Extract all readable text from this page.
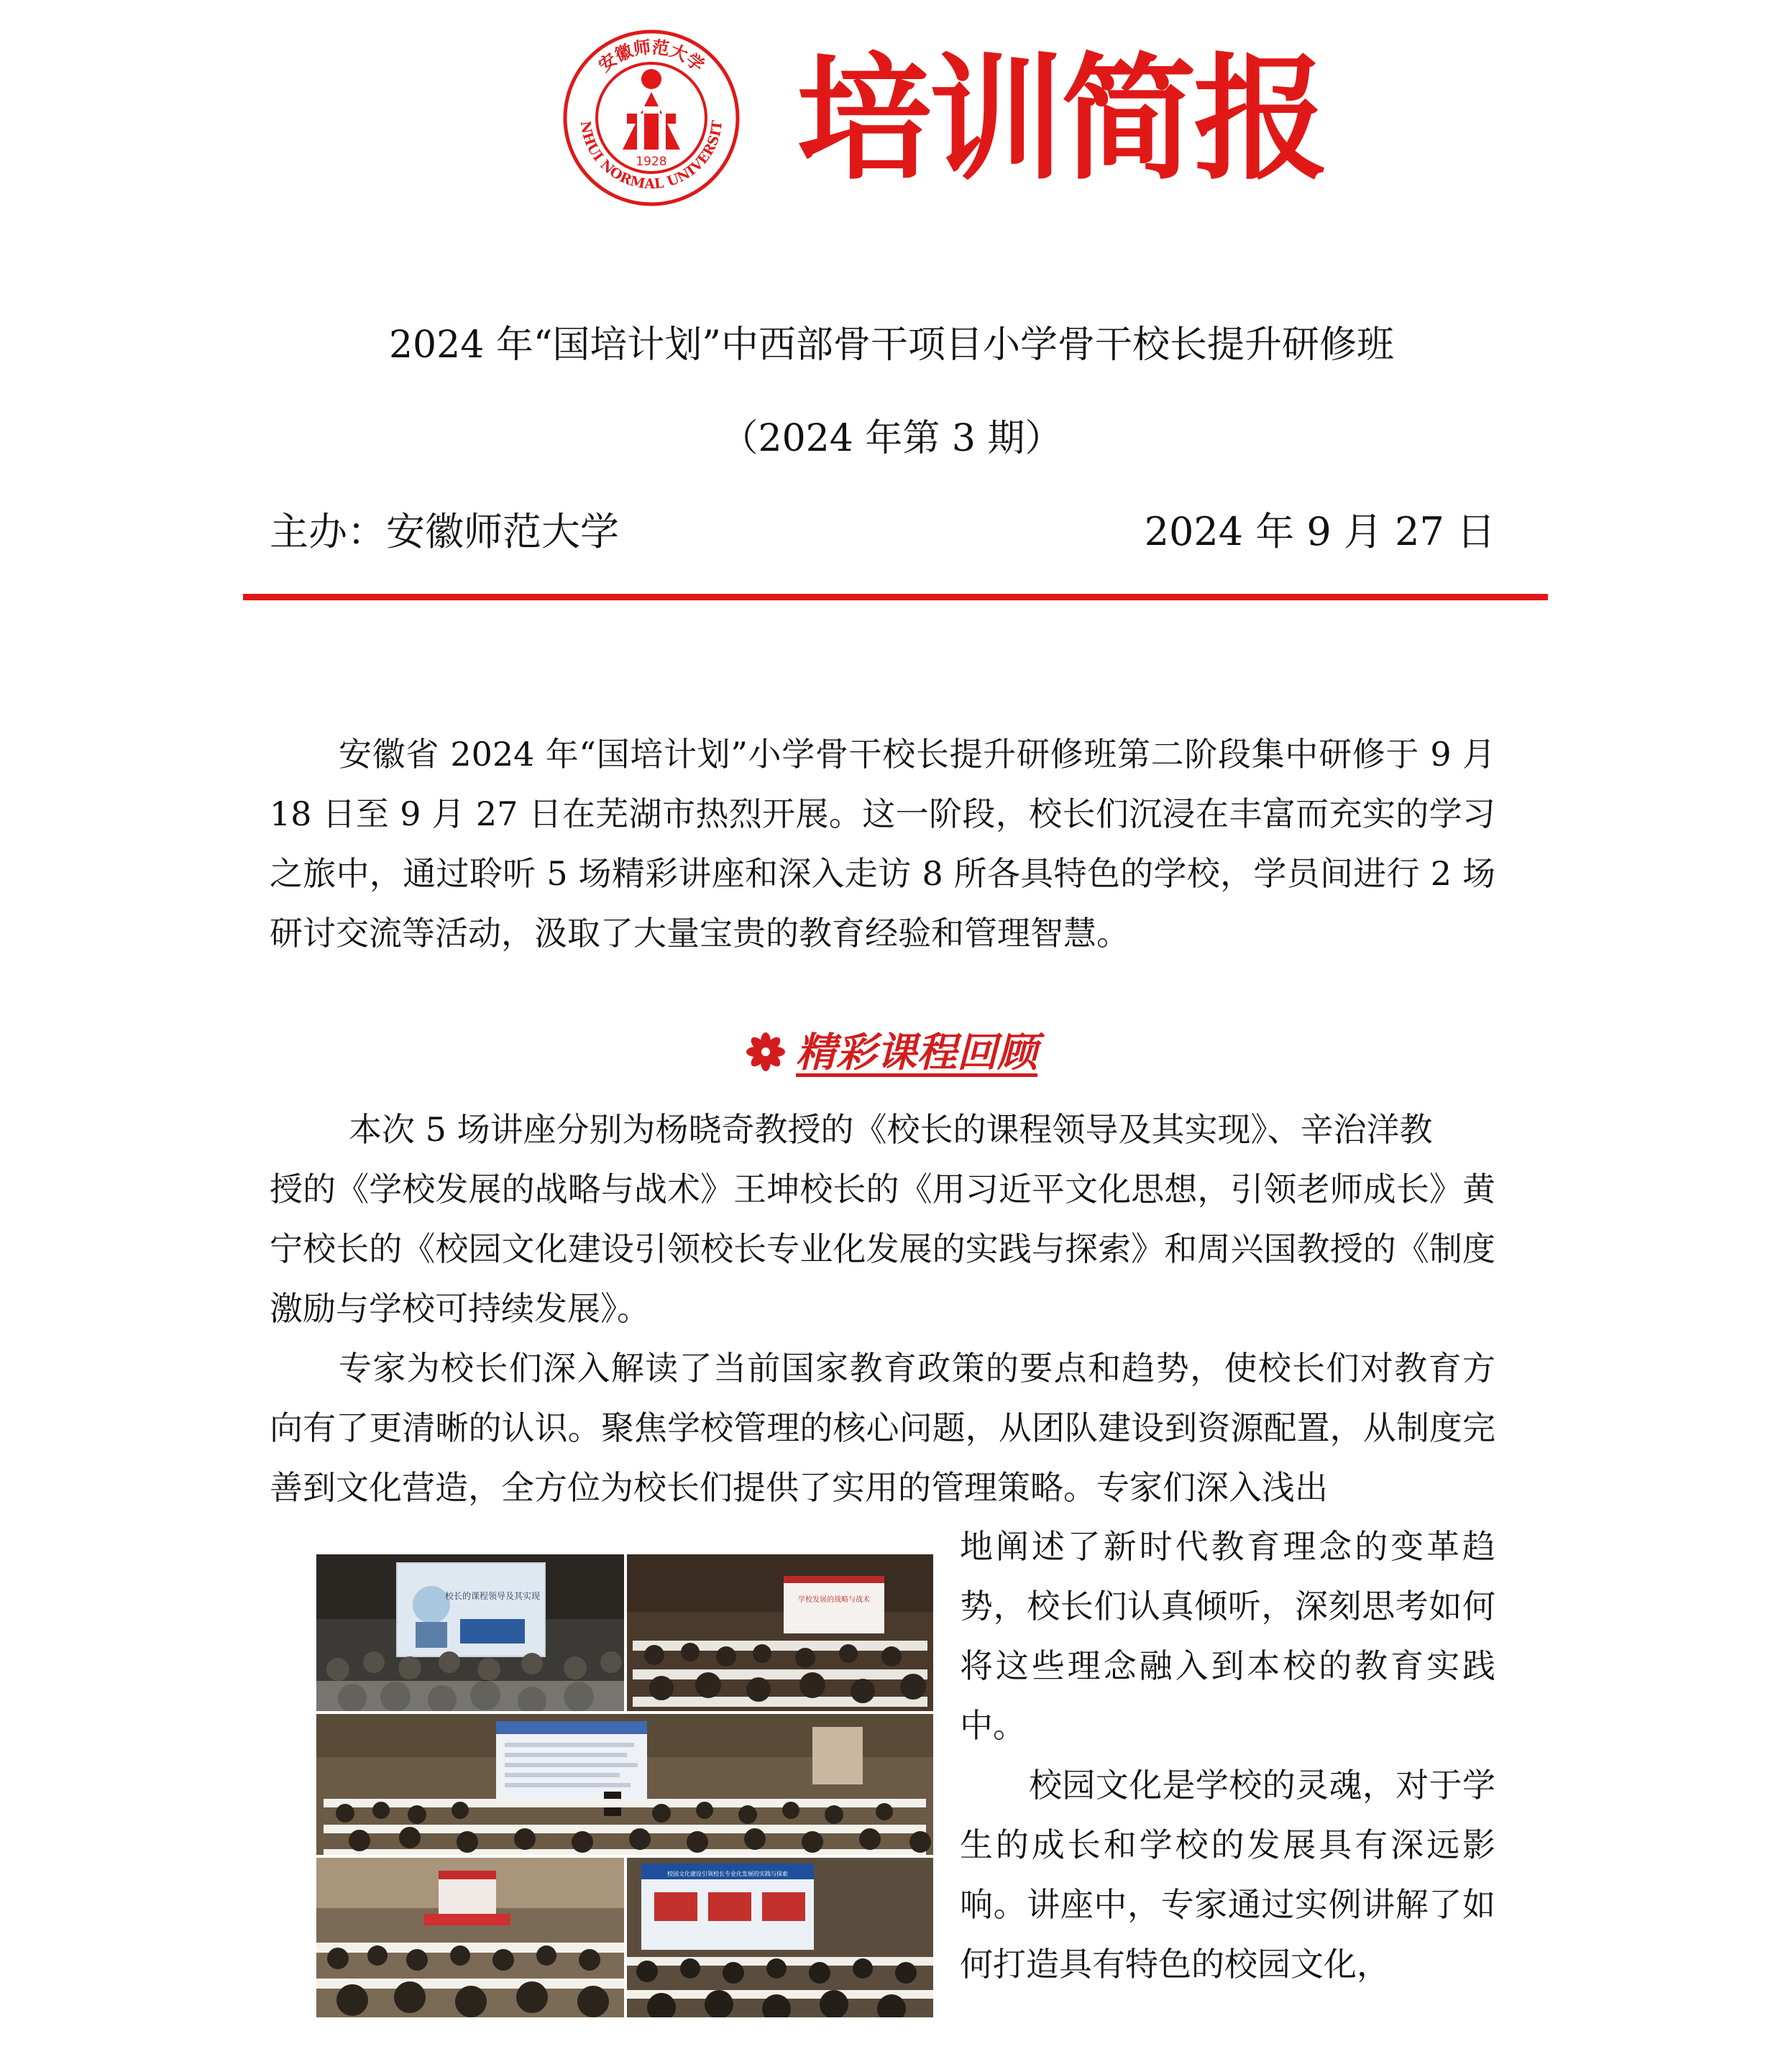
安徽师范大学
NHUI NORMAL UNIVERSIT
1928 培训简报
2024 年“国培计划”中西部骨干项目小学骨干校长提升研修班
（2024 年第 3 期）
主办：安徽师范大学	2024 年 9 月 27 日
安徽省 2024 年“国培计划”小学骨干校长提升研修班第二阶段集中研修于 9 月 18 日至 9 月 27 日在芜湖市热烈开展。这一阶段，校长们沉浸在丰富而充实的学习之旅中，通过聆听 5 场精彩讲座和深入走访 8 所各具特色的学校，学员间进行 2 场研讨交流等活动，汲取了大量宝贵的教育经验和管理智慧。
精彩课程回顾
本次 5 场讲座分别为杨晓奇教授的《校长的课程领导及其实现》、辛治洋教
授的《学校发展的战略与战术》王坤校长的《用习近平文化思想，引领老师成长》黄宁校长的《校园文化建设引领校长专业化发展的实践与探索》和周兴国教授的《制度激励与学校可持续发展》。
专家为校长们深入解读了当前国家教育政策的要点和趋势，使校长们对教育方向有了更清晰的认识。聚焦学校管理的核心问题，从团队建设到资源配置，从制度完善到文化营造，全方位为校长们提供了实用的管理策略。专家们深入浅出
校长的课程领导及其实现	学校发展的战略与战术
校园文化建设引领校长专业化发展的实践与探索
地阐述了新时代教育理念的变革趋势，校长们认真倾听，深刻思考如何将这些理念融入到本校的教育实践中。
校园文化是学校的灵魂，对于学生的成长和学校的发展具有深远影响。讲座中，专家通过实例讲解了如何打造具有特色的校园文化，
